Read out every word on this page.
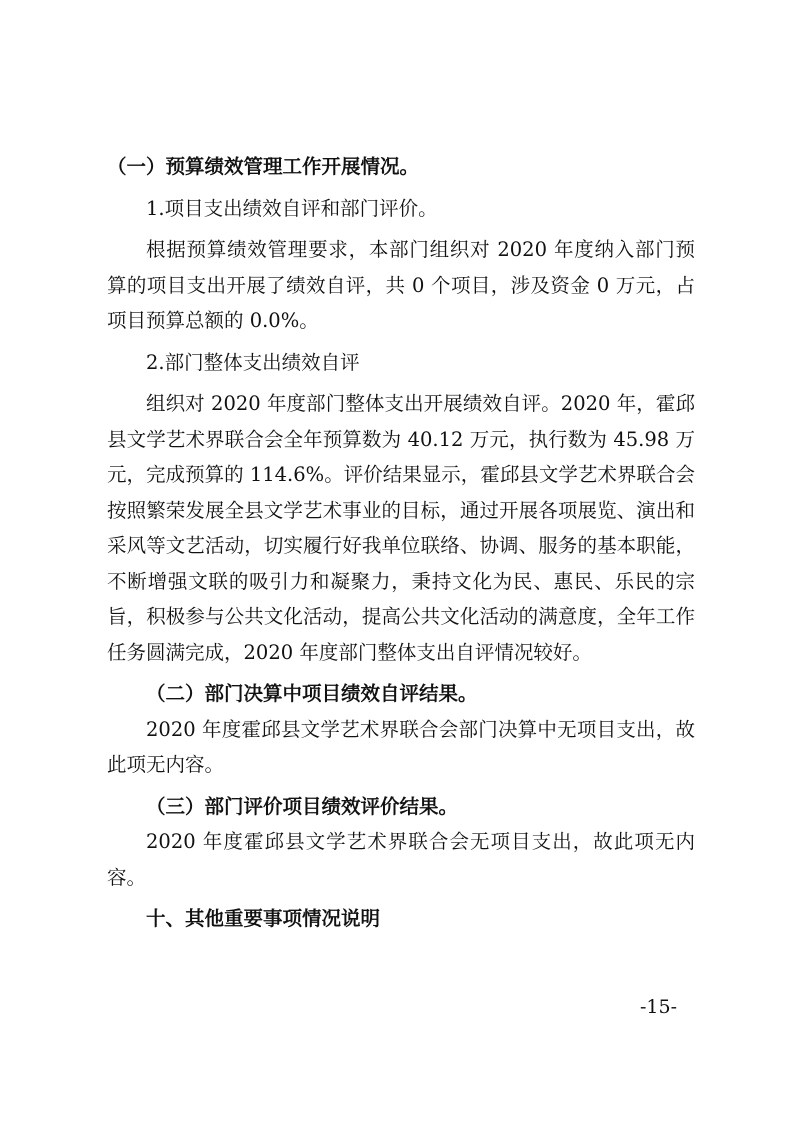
（一）预算绩效管理工作开展情况。

1.项目支出绩效自评和部门评价。

根据预算绩效管理要求，本部门组织对 2020 年度纳入部门预算的项目支出开展了绩效自评，共 0 个项目，涉及资金 0 万元，占项目预算总额的 0.0%。

2.部门整体支出绩效自评

组织对 2020 年度部门整体支出开展绩效自评。2020 年，霍邱县文学艺术界联合会全年预算数为 40.12 万元，执行数为 45.98 万元，完成预算的 114.6%。评价结果显示，霍邱县文学艺术界联合会按照繁荣发展全县文学艺术事业的目标，通过开展各项展览、演出和采风等文艺活动，切实履行好我单位联络、协调、服务的基本职能，不断增强文联的吸引力和凝聚力，秉持文化为民、惠民、乐民的宗旨，积极参与公共文化活动，提高公共文化活动的满意度，全年工作任务圆满完成，2020 年度部门整体支出自评情况较好。

（二）部门决算中项目绩效自评结果。

2020 年度霍邱县文学艺术界联合会部门决算中无项目支出，故此项无内容。

（三）部门评价项目绩效评价结果。

2020 年度霍邱县文学艺术界联合会无项目支出，故此项无内容。

十、其他重要事项情况说明

-15-
